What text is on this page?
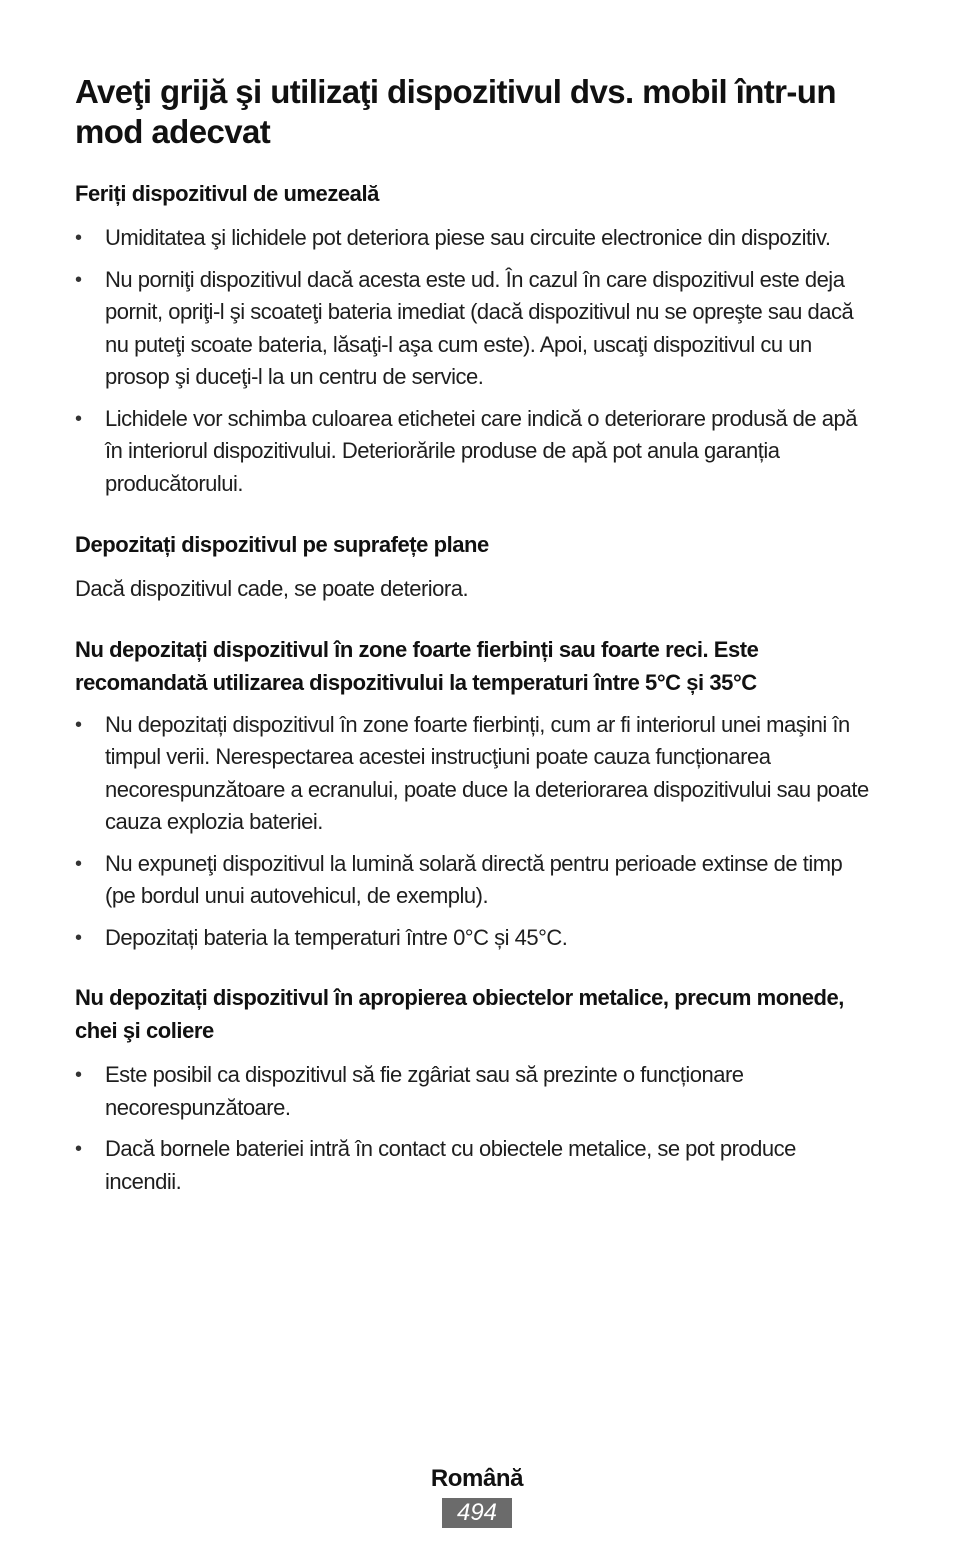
Aveţi grijă şi utilizaţi dispozitivul dvs. mobil într-un mod adecvat
Feriți dispozitivul de umezeală
• Umiditatea şi lichidele pot deteriora piese sau circuite electronice din dispozitiv.
• Nu porniţi dispozitivul dacă acesta este ud. În cazul în care dispozitivul este deja pornit, opriţi-l şi scoateţi bateria imediat (dacă dispozitivul nu se opreşte sau dacă nu puteţi scoate bateria, lăsaţi-l aşa cum este). Apoi, uscaţi dispozitivul cu un prosop şi duceţi-l la un centru de service.
• Lichidele vor schimba culoarea etichetei care indică o deteriorare produsă de apă în interiorul dispozitivului. Deteriorările produse de apă pot anula garanția producătorului.
Depozitați dispozitivul pe suprafețe plane

Dacă dispozitivul cade, se poate deteriora.

Nu depozitați dispozitivul în zone foarte fierbinți sau foarte reci. Este recomandată utilizarea dispozitivului la temperaturi între 5°C și 35°C
• Nu depozitați dispozitivul în zone foarte fierbinți, cum ar fi interiorul unei maşini în timpul verii. Nerespectarea acestei instrucţiuni poate cauza funcționarea necorespunzătoare a ecranului, poate duce la deteriorarea dispozitivului sau poate cauza explozia bateriei.
• Nu expuneţi dispozitivul la lumină solară directă pentru perioade extinse de timp (pe bordul unui autovehicul, de exemplu).
• Depozitați bateria la temperaturi între 0°C și 45°C.
Nu depozitați dispozitivul în apropierea obiectelor metalice, precum monede, chei şi coliere
• Este posibil ca dispozitivul să fie zgâriat sau să prezinte o funcționare necorespunzătoare.
• Dacă bornele bateriei intră în contact cu obiectele metalice, se pot produce incendii.
Română
494
